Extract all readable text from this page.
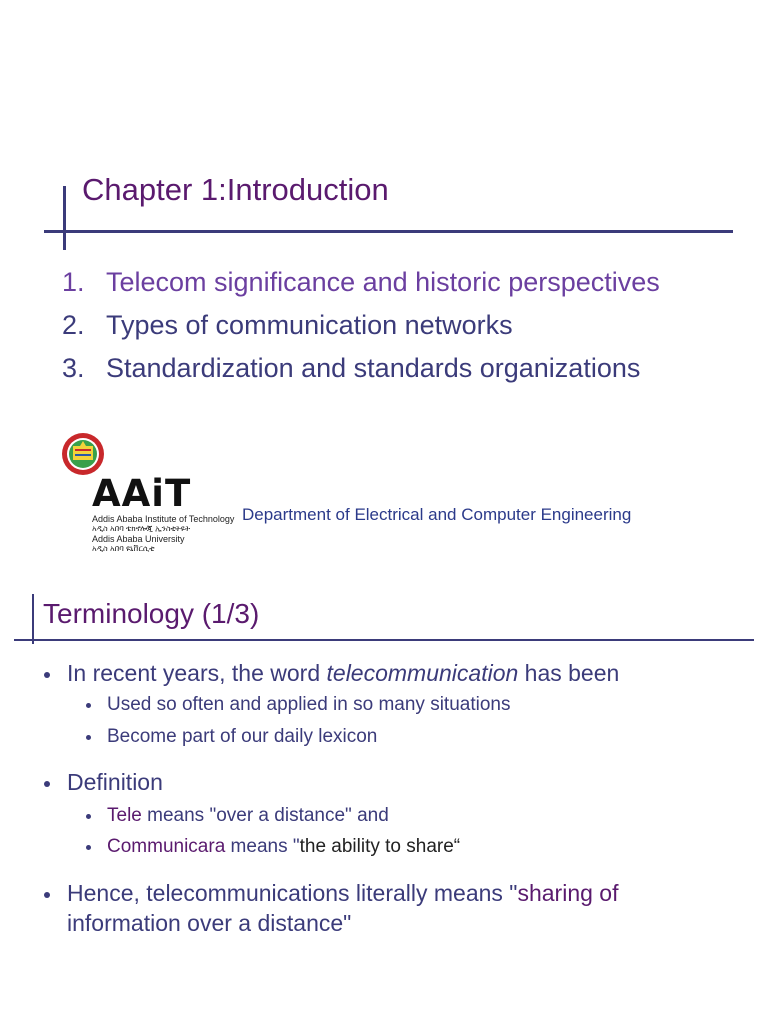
Chapter 1:Introduction
1. Telecom significance and historic perspectives
2. Types of communication networks
3. Standardization and standards organizations
AAiT
Addis Ababa Institute of Technology
አዲስ አበባ ቴክኖሎጂ ኢንስቲትዩት
Addis Ababa University
አዲስ አበባ ዩኒቨርሲቲ
Department of Electrical and Computer Engineering
Terminology (1/3)
In recent years, the word telecommunication has been
Used so often and applied in so many situations
Become part of our daily lexicon
Definition
Tele means "over a distance" and
Communicara means "the ability to share“
Hence, telecommunications literally means "sharing of
information over a distance"
